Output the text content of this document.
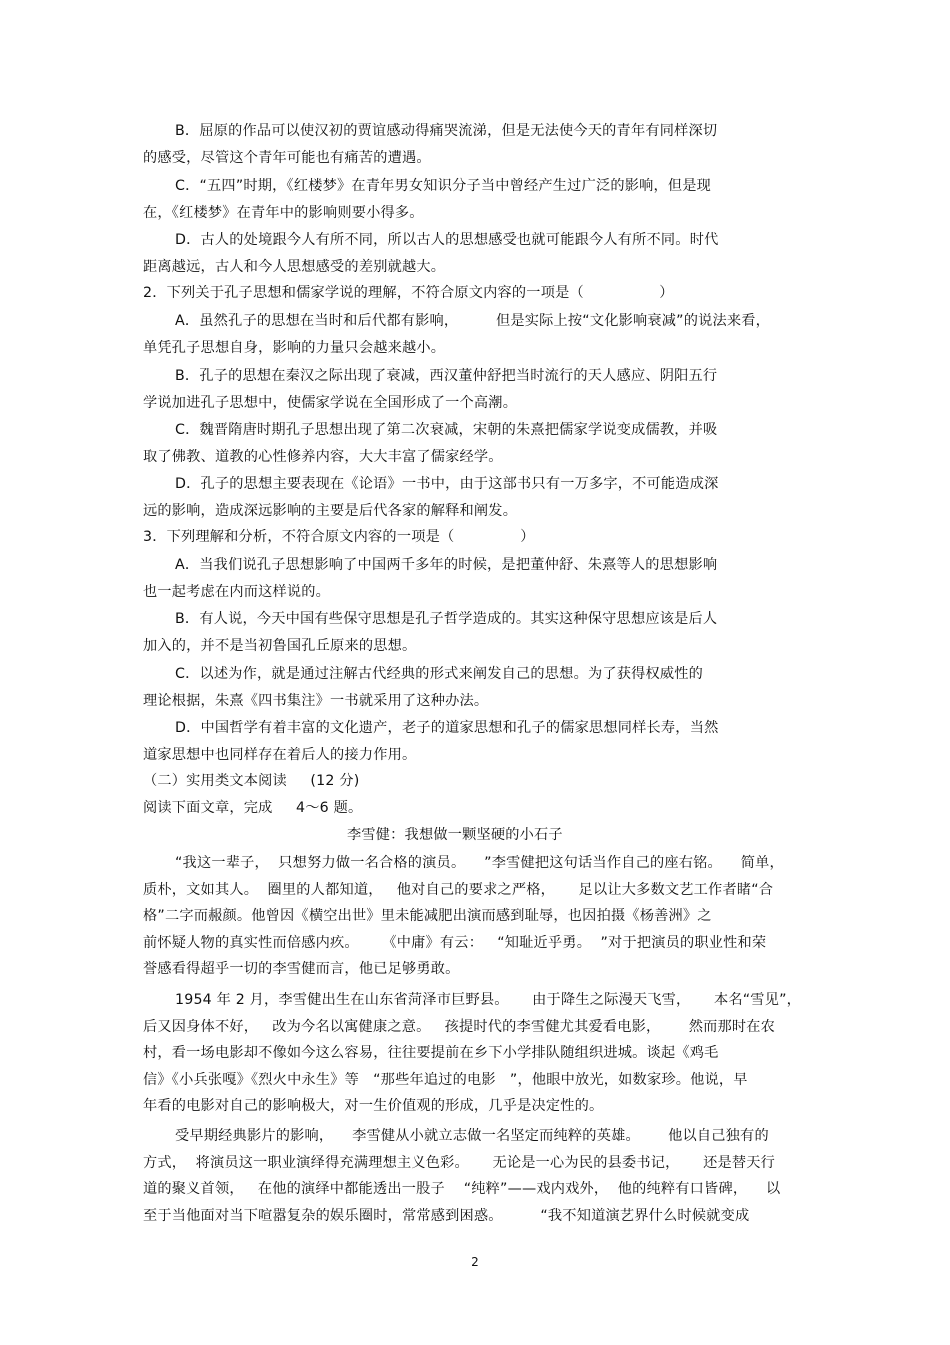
B．屈原的作品可以使汉初的贾谊感动得痛哭流涕，但是无法使今天的青年有同样深切
的感受，尽管这个青年可能也有痛苦的遭遇。
C．“五四”时期，《红楼梦》在青年男女知识分子当中曾经产生过广泛的影响，但是现
在，《红楼梦》在青年中的影响则要小得多。
D．古人的处境跟今人有所不同，所以古人的思想感受也就可能跟今人有所不同。时代
距离越远，古人和今人思想感受的差别就越大。
2．下列关于孔子思想和儒家学说的理解，不符合原文内容的一项是（                ）
A．虽然孔子的思想在当时和后代都有影响，        但是实际上按“文化影响衰减”的说法来看，
单凭孔子思想自身，影响的力量只会越来越小。
B．孔子的思想在秦汉之际出现了衰减，西汉董仲舒把当时流行的天人感应、阴阳五行
学说加进孔子思想中，使儒家学说在全国形成了一个高潮。
C．魏晋隋唐时期孔子思想出现了第二次衰减，宋朝的朱熹把儒家学说变成儒教，并吸
取了佛教、道教的心性修养内容，大大丰富了儒家经学。
D．孔子的思想主要表现在《论语》一书中，由于这部书只有一万多字，不可能造成深
远的影响，造成深远影响的主要是后代各家的解释和阐发。
3．下列理解和分析，不符合原文内容的一项是（              ）
A．当我们说孔子思想影响了中国两千多年的时候，是把董仲舒、朱熹等人的思想影响
也一起考虑在内而这样说的。
B．有人说，今天中国有些保守思想是孔子哲学造成的。其实这种保守思想应该是后人
加入的，并不是当初鲁国孔丘原来的思想。
C．以述为作，就是通过注解古代经典的形式来阐发自己的思想。为了获得权威性的
理论根据，朱熹《四书集注》一书就采用了这种办法。
D．中国哲学有着丰富的文化遗产，老子的道家思想和孔子的儒家思想同样长寿，当然
道家思想中也同样存在着后人的接力作用。
（二）实用类文本阅读     (12 分)
阅读下面文章，完成     4～6 题。
李雪健：我想做一颗坚硬的小石子
“我这一辈子，  只想努力做一名合格的演员。    ”李雪健把这句话当作自己的座右铭。    简单，
质朴，文如其人。  圈里的人都知道，   他对自己的要求之严格，     足以让大多数文艺工作者睹“合
格”二字而赧颜。他曾因《横空出世》里未能减肥出演而感到耻辱，也因拍摄《杨善洲》之
前怀疑人物的真实性而倍感内疚。     《中庸》有云：   “知耻近乎勇。  ”对于把演员的职业性和荣
誉感看得超乎一切的李雪健而言，他已足够勇敢。
1954 年 2 月，李雪健出生在山东省菏泽市巨野县。     由于降生之际漫天飞雪，     本名“雪见”，
后又因身体不好，   改为今名以寓健康之意。   孩提时代的李雪健尤其爱看电影，      然而那时在农
村，看一场电影却不像如今这么容易，往往要提前在乡下小学排队随组织进城。谈起《鸡毛
信》《小兵张嘎》《烈火中永生》等   “那些年追过的电影   ”，他眼中放光，如数家珍。他说，早
年看的电影对自己的影响极大，对一生价值观的形成，几乎是决定性的。
受早期经典影片的影响，    李雪健从小就立志做一名坚定而纯粹的英雄。      他以自己独有的
方式，  将演员这一职业演绎得充满理想主义色彩。     无论是一心为民的县委书记，     还是替天行
道的聚义首领，   在他的演绎中都能透出一股子    “纯粹”——戏内戏外，  他的纯粹有口皆碑，    以
至于当他面对当下喧嚣复杂的娱乐圈时，常常感到困惑。        “我不知道演艺界什么时候就变成
2
